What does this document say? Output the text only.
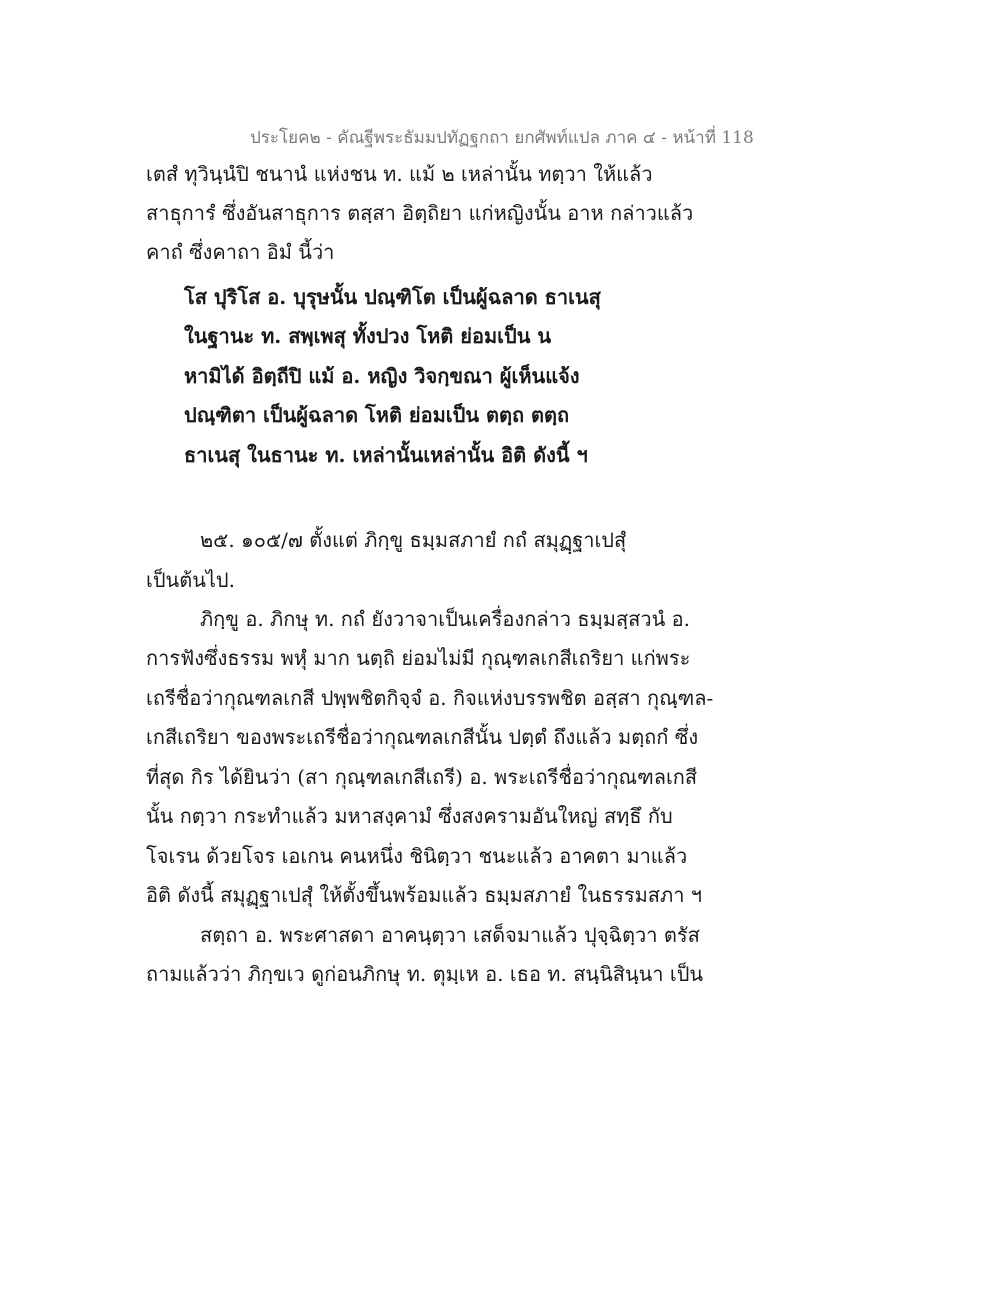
ประโยค๒ - คัณฐีพระธัมมปทัฏฐกถา ยกศัพท์แปล ภาค ๔ - หน้าที่ 118
เตสํ ทุวินฺนํปิ ชนานํ แห่งชน ท. แม้ ๒ เหล่านั้น ทตฺวา ให้แล้ว
สาธุการํ ซึ่งอันสาธุการ ตสฺสา อิตฺถิยา แก่หญิงนั้น อาห กล่าวแล้ว
คาถํ ซึ่งคาถา อิมํ นี้ว่า
โส ปุริโส อ. บุรุษนั้น ปณฺฑิโต เป็นผู้ฉลาด ธาเนสุ
ในฐานะ ท. สพฺเพสุ ทั้งปวง โหติ ย่อมเป็น น
หามิได้ อิตฺถีปิ แม้ อ. หญิง วิจกฺขณา ผู้เห็นแจ้ง
ปณฺฑิตา เป็นผู้ฉลาด โหติ ย่อมเป็น ตตฺถ ตตฺถ
ธาเนสุ ในธานะ ท. เหล่านั้นเหล่านั้น อิติ ดังนี้ ฯ
๒๕. ๑๐๕/๗ ตั้งแต่ ภิกฺขู ธมฺมสภายํ กถํ สมุฏฺฐาเปสุํ
เป็นต้นไป.
ภิกฺขู อ. ภิกษุ ท. กถํ ยังวาจาเป็นเครื่องกล่าว ธมฺมสฺสวนํ อ.
การฟังซึ่งธรรม พหุํ มาก นตฺถิ ย่อมไม่มี กุณฺฑลเกสีเถริยา แก่พระ
เถรีชื่อว่ากุณฑลเกสี ปพฺพชิตกิจฺจํ อ. กิจแห่งบรรพชิต อสฺสา กุณฺฑล-
เกสีเถริยา ของพระเถรีชื่อว่ากุณฑลเกสีนั้น ปตฺตํ ถึงแล้ว มตฺถกํ ซึ่ง
ที่สุด กิร ได้ยินว่า (สา กุณฺฑลเกสีเถรี) อ. พระเถรีชื่อว่ากุณฑลเกสี
นั้น กตฺวา กระทำแล้ว มหาสงฺคามํ ซึ่งสงครามอันใหญ่ สทฺธึ กับ
โจเรน ด้วยโจร เอเกน คนหนึ่ง ชินิตฺวา ชนะแล้ว อาคตา มาแล้ว
อิติ ดังนี้ สมุฏฺฐาเปสุํ ให้ตั้งขึ้นพร้อมแล้ว ธมฺมสภายํ ในธรรมสภา ฯ
สตฺถา อ. พระศาสดา อาคนฺตฺวา เสด็จมาแล้ว ปุจฺฉิตฺวา ตรัส
ถามแล้วว่า ภิกฺขเว ดูก่อนภิกษุ ท. ตุมฺเห อ. เธอ ท. สนฺนิสินฺนา เป็น
